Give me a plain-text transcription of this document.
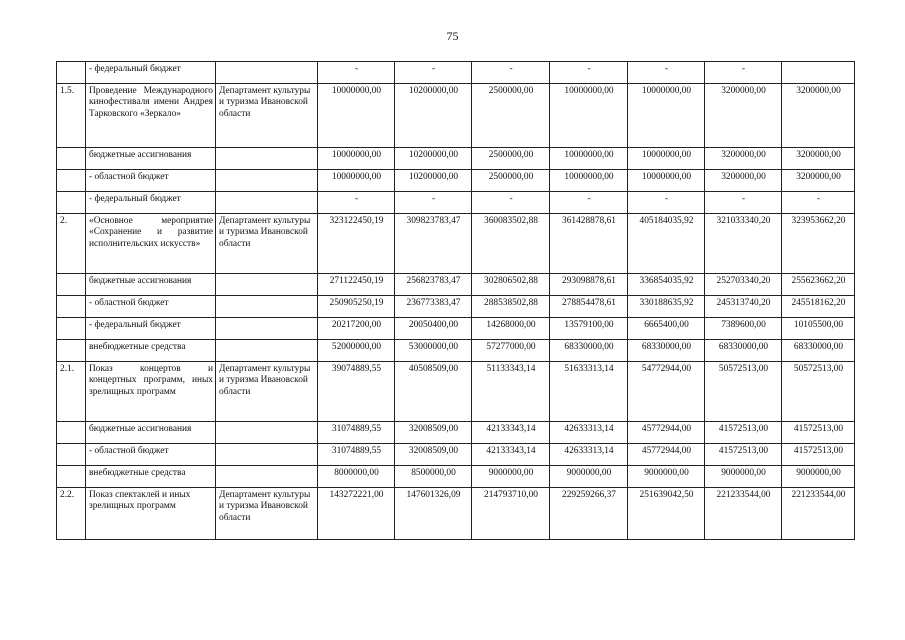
75
	- федеральный бюджет		-	-	-	-	-	-	
1.5.	Проведение Международного кинофестиваля имени Андрея Тарковского «Зеркало»	Департамент культуры и туризма Ивановской области	10000000,00	10200000,00	2500000,00	10000000,00	10000000,00	3200000,00	3200000,00
	бюджетные ассигнования		10000000,00	10200000,00	2500000,00	10000000,00	10000000,00	3200000,00	3200000,00
	- областной бюджет		10000000,00	10200000,00	2500000,00	10000000,00	10000000,00	3200000,00	3200000,00
	- федеральный бюджет		-	-	-	-	-	-	-
2.	«Основное мероприятие «Сохранение и развитие исполнительских искусств»	Департамент культуры и туризма Ивановской области	323122450,19	309823783,47	360083502,88	361428878,61	405184035,92	321033340,20	323953662,20
	бюджетные ассигнования		271122450,19	256823783,47	302806502,88	293098878,61	336854035,92	252703340,20	255623662,20
	- областной бюджет		250905250,19	236773383,47	288538502,88	278854478,61	330188635,92	245313740,20	245518162,20
	- федеральный бюджет		20217200,00	20050400,00	14268000,00	13579100,00	6665400,00	7389600,00	10105500,00
	внебюджетные средства		52000000,00	53000000,00	57277000,00	68330000,00	68330000,00	68330000,00	68330000,00
2.1.	Показ концертов и концертных программ, иных зрелищных программ	Департамент культуры и туризма Ивановской области	39074889,55	40508509,00	51133343,14	51633313,14	54772944,00	50572513,00	50572513,00
	бюджетные ассигнования		31074889,55	32008509,00	42133343,14	42633313,14	45772944,00	41572513,00	41572513,00
	- областной бюджет		31074889,55	32008509,00	42133343,14	42633313,14	45772944,00	41572513,00	41572513,00
	внебюджетные средства		8000000,00	8500000,00	9000000,00	9000000,00	9000000,00	9000000,00	9000000,00
2.2.	Показ спектаклей и иных зрелищных программ	Департамент культуры и туризма Ивановской области	143272221,00	147601326,09	214793710,00	229259266,37	251639042,50	221233544,00	221233544,00
